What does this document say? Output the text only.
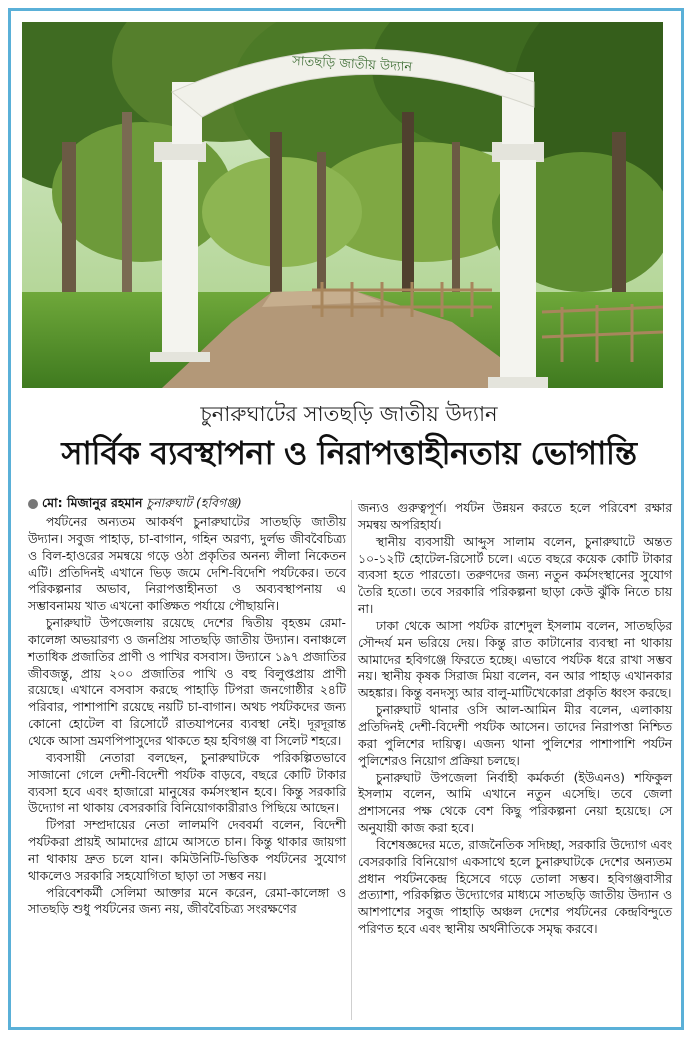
সাতছড়ি জাতীয় উদ্যান
চুনারুঘাটের সাতছড়ি জাতীয় উদ্যান
সার্বিক ব্যবস্থাপনা ও নিরাপত্তাহীনতায় ভোগান্তি
মো: মিজানুর রহমান চুনারুঘাট (হবিগঞ্জ)

পর্যটনের অন্যতম আকর্ষণ চুনারুঘাটের সাতছড়ি জাতীয় উদ্যান। সবুজ পাহাড়, চা-বাগান, গহিন অরণ্য, দুর্লভ জীববৈচিত্র্য ও বিল-হাওরের সমন্বয়ে গড়ে ওঠা প্রকৃতির অনন্য লীলা নিকেতন এটি। প্রতিদিনই এখানে ভিড় জমে দেশি-বিদেশি পর্যটকের। তবে পরিকল্পনার অভাব, নিরাপত্তাহীনতা ও অব্যবস্থাপনায় এ সম্ভাবনাময় খাত এখনো কাঙ্ক্ষিত পর্যায়ে পৌছায়নি।

চুনারুঘাট উপজেলায় রয়েছে দেশের দ্বিতীয় বৃহত্তম রেমা-কালেঙ্গা অভয়ারণ্য ও জনপ্রিয় সাতছড়ি জাতীয় উদ্যান। বনাঞ্চলে শতাধিক প্রজাতির প্রাণী ও পাখির বসবাস। উদ্যানে ১৯৭ প্রজাতির জীবজন্তু, প্রায় ২০০ প্রজাতির পাখি ও বহু বিলুপ্তপ্রায় প্রাণী রয়েছে। এখানে বসবাস করছে পাহাড়ি টিপরা জনগোষ্ঠীর ২৪টি পরিবার, পাশাপাশি রয়েছে নয়টি চা-বাগান। অথচ পর্যটকদের জন্য কোনো হোটেল বা রিসোর্টে রাতযাপনের ব্যবস্থা নেই। দূরদূরান্ত থেকে আসা ভ্রমণপিপাসুদের থাকতে হয় হবিগঞ্জ বা সিলেট শহরে।

ব্যবসায়ী নেতারা বলছেন, চুনারুঘাটকে পরিকল্পিতভাবে সাজানো গেলে দেশী-বিদেশী পর্যটক বাড়বে, বছরে কোটি টাকার ব্যবসা হবে এবং হাজারো মানুষের কর্মসংস্থান হবে। কিন্তু সরকারি উদ্যোগ না থাকায় বেসরকারি বিনিয়োগকারীরাও পিছিয়ে আছেন।

টিপরা সম্প্রদায়ের নেতা লালমণি দেববর্মা বলেন, বিদেশী পর্যটকরা প্রায়ই আমাদের গ্রামে আসতে চান। কিন্তু থাকার জায়গা না থাকায় দ্রুত চলে যান। কমিউনিটি-ভিত্তিক পর্যটনের সুযোগ থাকলেও সরকারি সহযোগিতা ছাড়া তা সম্ভব নয়।

পরিবেশকর্মী সেলিমা আক্তার মনে করেন, রেমা-কালেঙ্গা ও সাতছড়ি শুধু পর্যটনের জন্য নয়, জীববৈচিত্র্য সংরক্ষণের

জন্যও গুরুত্বপূর্ণ। পর্যটন উন্নয়ন করতে হলে পরিবেশ রক্ষার সমন্বয় অপরিহার্য।

স্থানীয় ব্যবসায়ী আব্দুস সালাম বলেন, চুনারুঘাটে অন্তত ১০-১২টি হোটেল-রিসোর্ট চলে। এতে বছরে কয়েক কোটি টাকার ব্যবসা হতে পারতো। তরুণদের জন্য নতুন কর্মসংস্থানের সুযোগ তৈরি হতো। তবে সরকারি পরিকল্পনা ছাড়া কেউ ঝুঁকি নিতে চায় না।

ঢাকা থেকে আসা পর্যটক রাশেদুল ইসলাম বলেন, সাতছড়ির সৌন্দর্য মন ভরিয়ে দেয়। কিন্তু রাত কাটানোর ব্যবস্থা না থাকায় আমাদের হবিগঞ্জে ফিরতে হচ্ছে। এভাবে পর্যটক ধরে রাখা সম্ভব নয়। স্থানীয় কৃষক সিরাজ মিয়া বলেন, বন আর পাহাড় এখানকার অহঙ্কার। কিন্তু বনদস্যু আর বালু-মাটিখেকোরা প্রকৃতি ধ্বংস করছে।

চুনারুঘাট থানার ওসি আল-আমিন মীর বলেন, এলাকায় প্রতিদিনই দেশী-বিদেশী পর্যটক আসেন। তাদের নিরাপত্তা নিশ্চিত করা পুলিশের দায়িত্ব। এজন্য থানা পুলিশের পাশাপাশি পর্যটন পুলিশেরও নিয়োগ প্রক্রিয়া চলছে।

চুনারুঘাট উপজেলা নির্বাহী কর্মকর্তা (ইউএনও) শফিকুল ইসলাম বলেন, আমি এখানে নতুন এসেছি। তবে জেলা প্রশাসনের পক্ষ থেকে বেশ কিছু পরিকল্পনা নেয়া হয়েছে। সে অনুযায়ী কাজ করা হবে।

বিশেষজ্ঞদের মতে, রাজনৈতিক সদিচ্ছা, সরকারি উদ্যোগ এবং বেসরকারি বিনিয়োগ একসাথে হলে চুনারুঘাটকে দেশের অন্যতম প্রধান পর্যটনকেন্দ্র হিসেবে গড়ে তোলা সম্ভব। হবিগঞ্জবাসীর প্রত্যাশা, পরিকল্পিত উদ্যোগের মাধ্যমে সাতছড়ি জাতীয় উদ্যান ও আশপাশের সবুজ পাহাড়ি অঞ্চল দেশের পর্যটনের কেন্দ্রবিন্দুতে পরিণত হবে এবং স্থানীয় অর্থনীতিকে সমৃদ্ধ করবে।
